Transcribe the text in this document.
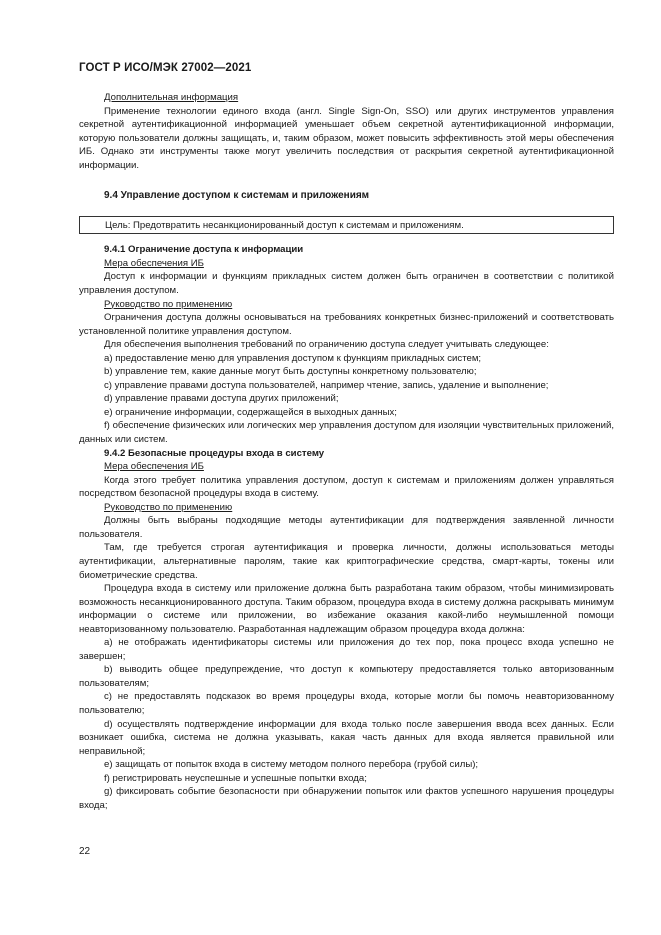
ГОСТ Р ИСО/МЭК 27002—2021
Дополнительная информация

Применение технологии единого входа (англ. Single Sign-On, SSO) или других инструментов управления секретной аутентификационной информацией уменьшает объем секретной аутентификационной информации, которую пользователи должны защищать, и, таким образом, может повысить эффективность этой меры обеспечения ИБ. Однако эти инструменты также могут увеличить последствия от раскрытия секретной аутентификационной информации.

9.4 Управление доступом к системам и приложениям
Цель: Предотвратить несанкционированный доступ к системам и приложениям.
9.4.1 Ограничение доступа к информации
Мера обеспечения ИБ

Доступ к информации и функциям прикладных систем должен быть ограничен в соответствии с политикой управления доступом.

Руководство по применению

Ограничения доступа должны основываться на требованиях конкретных бизнес-приложений и соответствовать установленной политике управления доступом.

Для обеспечения выполнения требований по ограничению доступа следует учитывать следующее:

a) предоставление меню для управления доступом к функциям прикладных систем;

b) управление тем, какие данные могут быть доступны конкретному пользователю;

c) управление правами доступа пользователей, например чтение, запись, удаление и выполнение;

d) управление правами доступа других приложений;

e) ограничение информации, содержащейся в выходных данных;

f) обеспечение физических или логических мер управления доступом для изоляции чувствительных приложений, данных или систем.

9.4.2 Безопасные процедуры входа в систему
Мера обеспечения ИБ

Когда этого требует политика управления доступом, доступ к системам и приложениям должен управляться посредством безопасной процедуры входа в систему.

Руководство по применению

Должны быть выбраны подходящие методы аутентификации для подтверждения заявленной личности пользователя.

Там, где требуется строгая аутентификация и проверка личности, должны использоваться методы аутентификации, альтернативные паролям, такие как криптографические средства, смарт-карты, токены или биометрические средства.

Процедура входа в систему или приложение должна быть разработана таким образом, чтобы минимизировать возможность несанкционированного доступа. Таким образом, процедура входа в систему должна раскрывать минимум информации о системе или приложении, во избежание оказания какой-либо неумышленной помощи неавторизованному пользователю. Разработанная надлежащим образом процедура входа должна:

a) не отображать идентификаторы системы или приложения до тех пор, пока процесс входа успешно не завершен;

b) выводить общее предупреждение, что доступ к компьютеру предоставляется только авторизованным пользователям;

c) не предоставлять подсказок во время процедуры входа, которые могли бы помочь неавторизованному пользователю;

d) осуществлять подтверждение информации для входа только после завершения ввода всех данных. Если возникает ошибка, система не должна указывать, какая часть данных для входа является правильной или неправильной;

e) защищать от попыток входа в систему методом полного перебора (грубой силы);

f) регистрировать неуспешные и успешные попытки входа;

g) фиксировать событие безопасности при обнаружении попыток или фактов успешного нарушения процедуры входа;

22
